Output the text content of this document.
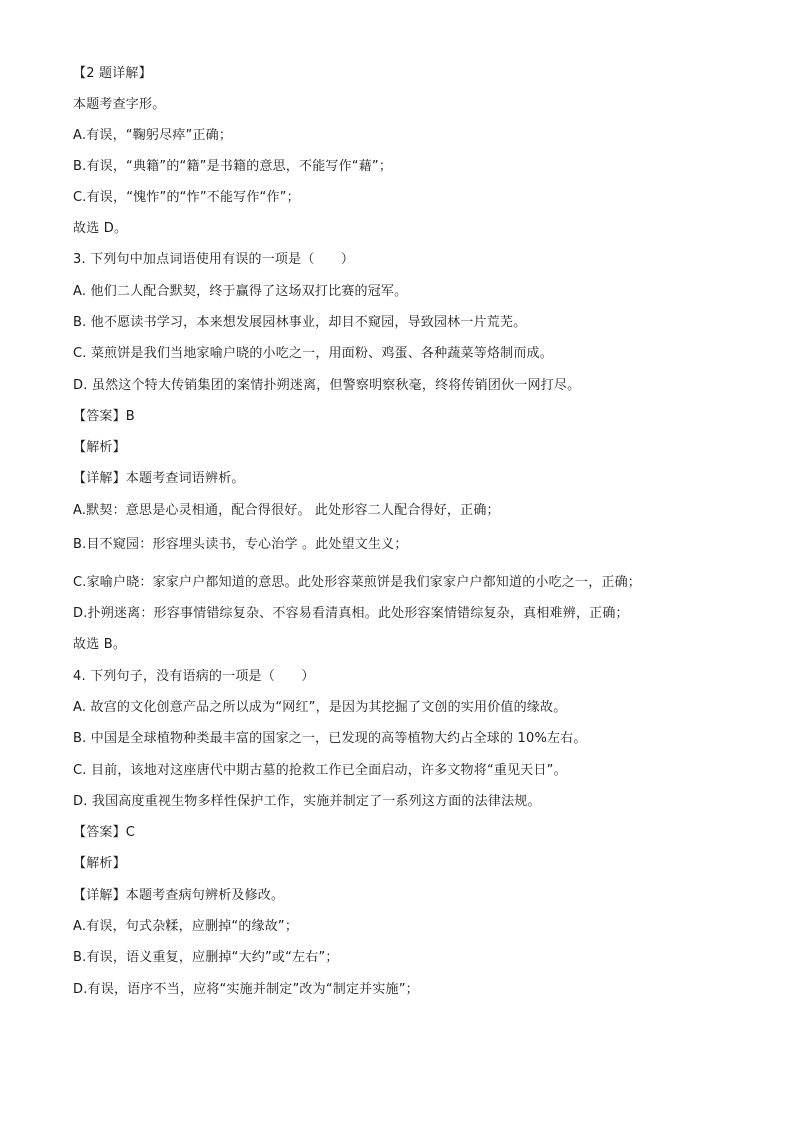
【2 题详解】
本题考查字形。
A.有误，“鞠躬尽瘁”正确；
B.有误，“典籍”的“籍”是书籍的意思，不能写作“藉”；
C.有误，“愧怍”的“怍”不能写作“作”；
故选 D。
3. 下列句中加点词语使用有误的一项是（　　）
A. 他们二人配合默契，终于赢得了这场双打比赛的冠军。
B. 他不愿读书学习，本来想发展园林事业，却目不窥园，导致园林一片荒芜。
C. 菜煎饼是我们当地家喻户晓的小吃之一，用面粉、鸡蛋、各种蔬菜等烙制而成。
D. 虽然这个特大传销集团的案情扑朔迷离，但警察明察秋毫，终将传销团伙一网打尽。
【答案】B
【解析】
【详解】本题考查词语辨析。
A.默契：意思是心灵相通，配合得很好。 此处形容二人配合得好，正确；
B.目不窥园：形容埋头读书，专心治学 。此处望文生义；
C.家喻户晓：家家户户都知道的意思。此处形容菜煎饼是我们家家户户都知道的小吃之一，正确；
D.扑朔迷离：形容事情错综复杂、不容易看清真相。此处形容案情错综复杂，真相难辨，正确；
故选 B。
4. 下列句子，没有语病的一项是（　　）
A. 故宫的文化创意产品之所以成为“网红”，是因为其挖掘了文创的实用价值的缘故。
B. 中国是全球植物种类最丰富的国家之一，已发现的高等植物大约占全球的 10%左右。
C. 目前，该地对这座唐代中期古墓的抢救工作已全面启动，许多文物将“重见天日”。
D. 我国高度重视生物多样性保护工作，实施并制定了一系列这方面的法律法规。
【答案】C
【解析】
【详解】本题考查病句辨析及修改。
A.有误，句式杂糅，应删掉“的缘故”；
B.有误，语义重复，应删掉“大约”或“左右”；
D.有误，语序不当，应将“实施并制定”改为“制定并实施”；
